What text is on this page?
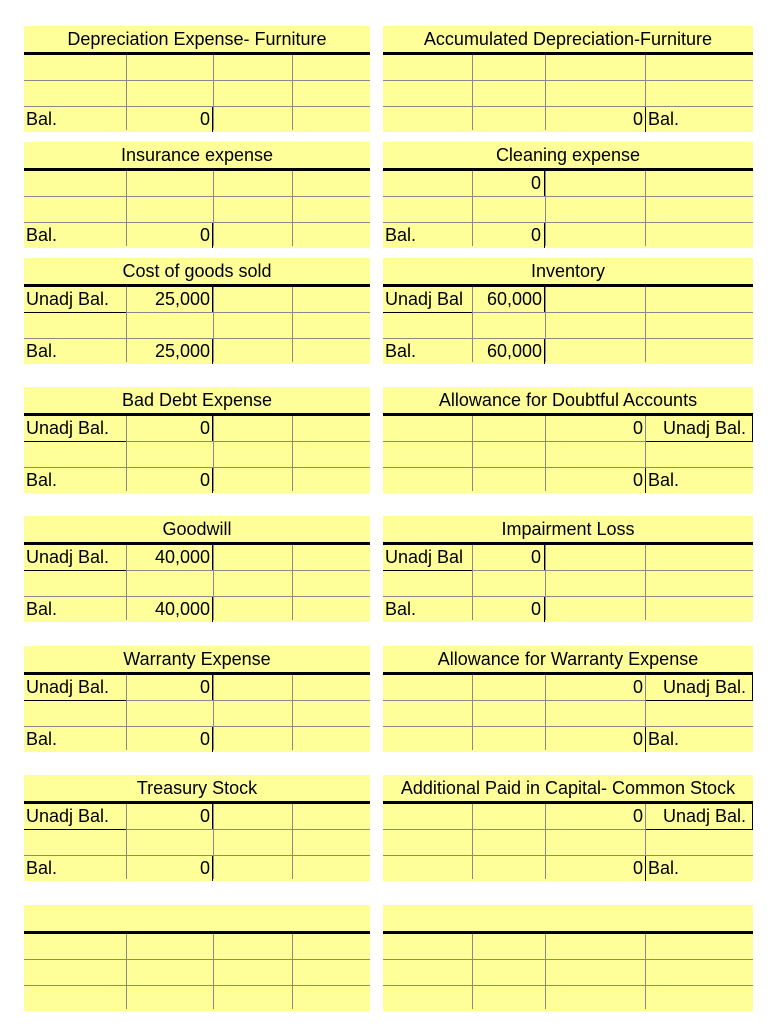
Depreciation Expense- Furniture
Bal.	0
Accumulated Depreciation-Furniture
0 Bal.
Insurance expense
Bal.	0
Cleaning expense
0
Bal.	0
Cost of goods sold
Unadj Bal.	25,000
Bal.	25,000
Inventory
Unadj Bal	60,000
Bal.	60,000
Bad Debt Expense
Unadj Bal.	0
Bal.	0
Allowance for Doubtful Accounts
0 Unadj Bal.
0 Bal.
Goodwill
Unadj Bal.	40,000
Bal.	40,000
Impairment Loss
Unadj Bal	0
Bal.	0
Warranty Expense
Unadj Bal.	0
Bal.	0
Allowance for Warranty Expense
0 Unadj Bal.
0 Bal.
Treasury Stock
Unadj Bal.	0
Bal.	0
Additional Paid in Capital- Common Stock
0 Unadj Bal.
0 Bal.
